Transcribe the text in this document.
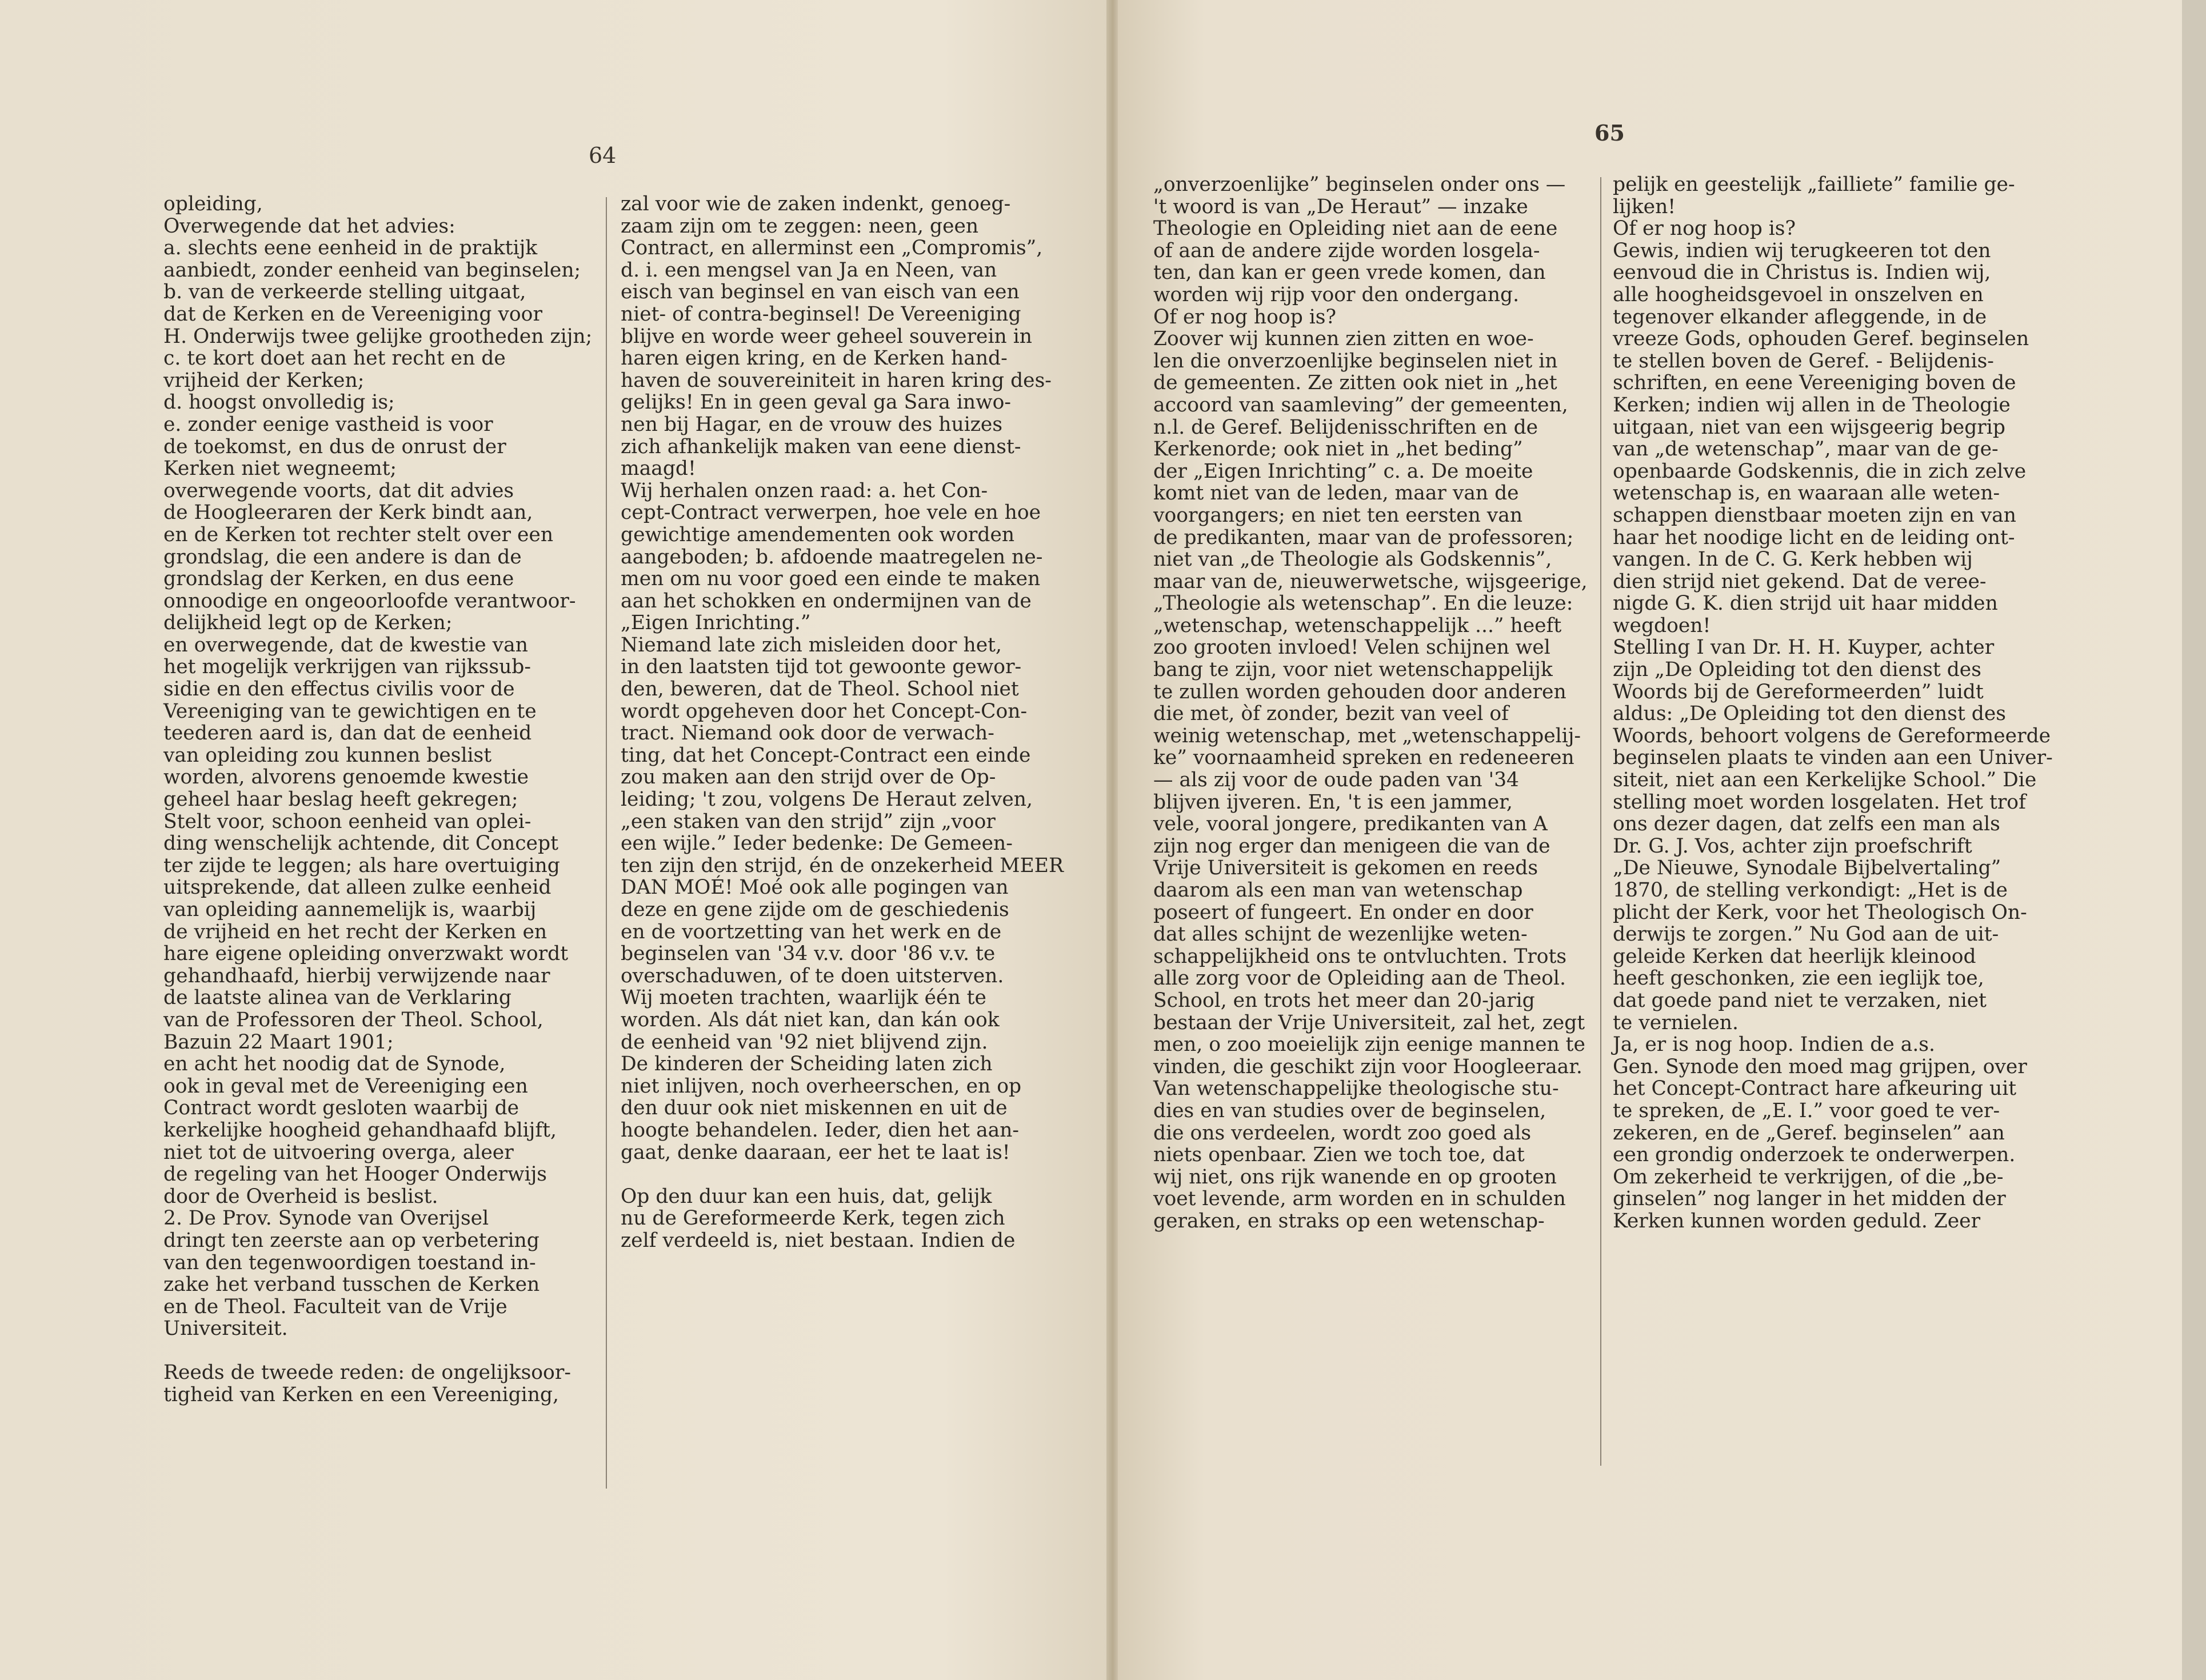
64
opleiding,
Overwegende dat het advies:
a. slechts eene eenheid in de praktijk
aanbiedt, zonder eenheid van beginselen;
b. van de verkeerde stelling uitgaat,
dat de Kerken en de Vereeniging voor
H. Onderwijs twee gelijke grootheden zijn;
c. te kort doet aan het recht en de
vrijheid der Kerken;
d. hoogst onvolledig is;
e. zonder eenige vastheid is voor
de toekomst, en dus de onrust der
Kerken niet wegneemt;
overwegende voorts, dat dit advies
de Hoogleeraren der Kerk bindt aan,
en de Kerken tot rechter stelt over een
grondslag, die een andere is dan de
grondslag der Kerken, en dus eene
onnoodige en ongeoorloofde verantwoor-
delijkheid legt op de Kerken;
en overwegende, dat de kwestie van
het mogelijk verkrijgen van rijkssub-
sidie en den effectus civilis voor de
Vereeniging van te gewichtigen en te
teederen aard is, dan dat de eenheid
van opleiding zou kunnen beslist
worden, alvorens genoemde kwestie
geheel haar beslag heeft gekregen;
Stelt voor, schoon eenheid van oplei-
ding wenschelijk achtende, dit Concept
ter zijde te leggen; als hare overtuiging
uitsprekende, dat alleen zulke eenheid
van opleiding aannemelijk is, waarbij
de vrijheid en het recht der Kerken en
hare eigene opleiding onverzwakt wordt
gehandhaafd, hierbij verwijzende naar
de laatste alinea van de Verklaring
van de Professoren der Theol. School,
Bazuin 22 Maart 1901;
en acht het noodig dat de Synode,
ook in geval met de Vereeniging een
Contract wordt gesloten waarbij de
kerkelijke hoogheid gehandhaafd blijft,
niet tot de uitvoering overga, aleer
de regeling van het Hooger Onderwijs
door de Overheid is beslist.
2. De Prov. Synode van Overijsel
dringt ten zeerste aan op verbetering
van den tegenwoordigen toestand in-
zake het verband tusschen de Kerken
en de Theol. Faculteit van de Vrije
Universiteit.

Reeds de tweede reden: de ongelijksoor-
tigheid van Kerken en een Vereeniging,
zal voor wie de zaken indenkt, genoeg-
zaam zijn om te zeggen: neen, geen
Contract, en allerminst een „Compromis”,
d. i. een mengsel van Ja en Neen, van
eisch van beginsel en van eisch van een
niet- of contra-beginsel! De Vereeniging
blijve en worde weer geheel souverein in
haren eigen kring, en de Kerken hand-
haven de souvereiniteit in haren kring des-
gelijks! En in geen geval ga Sara inwo-
nen bij Hagar, en de vrouw des huizes
zich afhankelijk maken van eene dienst-
maagd!
Wij herhalen onzen raad: a. het Con-
cept-Contract verwerpen, hoe vele en hoe
gewichtige amendementen ook worden
aangeboden; b. afdoende maatregelen ne-
men om nu voor goed een einde te maken
aan het schokken en ondermijnen van de
„Eigen Inrichting.”
Niemand late zich misleiden door het,
in den laatsten tijd tot gewoonte gewor-
den, beweren, dat de Theol. School niet
wordt opgeheven door het Concept-Con-
tract. Niemand ook door de verwach-
ting, dat het Concept-Contract een einde
zou maken aan den strijd over de Op-
leiding; 't zou, volgens De Heraut zelven,
„een staken van den strijd” zijn „voor
een wijle.” Ieder bedenke: De Gemeen-
ten zijn den strijd, én de onzekerheid MEER
DAN MOÉ! Moé ook alle pogingen van
deze en gene zijde om de geschiedenis
en de voortzetting van het werk en de
beginselen van '34 v.v. door '86 v.v. te
overschaduwen, of te doen uitsterven.
Wij moeten trachten, waarlijk één te
worden. Als dát niet kan, dan kán ook
de eenheid van '92 niet blijvend zijn.
De kinderen der Scheiding laten zich
niet inlijven, noch overheerschen, en op
den duur ook niet miskennen en uit de
hoogte behandelen. Ieder, dien het aan-
gaat, denke daaraan, eer het te laat is!

Op den duur kan een huis, dat, gelijk
nu de Gereformeerde Kerk, tegen zich
zelf verdeeld is, niet bestaan. Indien de
65
„onverzoenlijke” beginselen onder ons —
't woord is van „De Heraut” — inzake
Theologie en Opleiding niet aan de eene
of aan de andere zijde worden losgela-
ten, dan kan er geen vrede komen, dan
worden wij rijp voor den ondergang.
Of er nog hoop is?
Zoover wij kunnen zien zitten en woe-
len die onverzoenlijke beginselen niet in
de gemeenten. Ze zitten ook niet in „het
accoord van saamleving” der gemeenten,
n.l. de Geref. Belijdenisschriften en de
Kerkenorde; ook niet in „het beding”
der „Eigen Inrichting” c. a. De moeite
komt niet van de leden, maar van de
voorgangers; en niet ten eersten van
de predikanten, maar van de professoren;
niet van „de Theologie als Godskennis”,
maar van de, nieuwerwetsche, wijsgeerige,
„Theologie als wetenschap”. En die leuze:
„wetenschap, wetenschappelijk ...” heeft
zoo grooten invloed! Velen schijnen wel
bang te zijn, voor niet wetenschappelijk
te zullen worden gehouden door anderen
die met, òf zonder, bezit van veel of
weinig wetenschap, met „wetenschappelij-
ke” voornaamheid spreken en redeneeren
— als zij voor de oude paden van '34
blijven ijveren. En, 't is een jammer,
vele, vooral jongere, predikanten van A
zijn nog erger dan menigeen die van de
Vrije Universiteit is gekomen en reeds
daarom als een man van wetenschap
poseert of fungeert. En onder en door
dat alles schijnt de wezenlijke weten-
schappelijkheid ons te ontvluchten. Trots
alle zorg voor de Opleiding aan de Theol.
School, en trots het meer dan 20-jarig
bestaan der Vrije Universiteit, zal het, zegt
men, o zoo moeielijk zijn eenige mannen te
vinden, die geschikt zijn voor Hoogleeraar.
Van wetenschappelijke theologische stu-
dies en van studies over de beginselen,
die ons verdeelen, wordt zoo goed als
niets openbaar. Zien we toch toe, dat
wij niet, ons rijk wanende en op grooten
voet levende, arm worden en in schulden
geraken, en straks op een wetenschap-
pelijk en geestelijk „failliete” familie ge-
lijken!
Of er nog hoop is?
Gewis, indien wij terugkeeren tot den
eenvoud die in Christus is. Indien wij,
alle hoogheidsgevoel in onszelven en
tegenover elkander afleggende, in de
vreeze Gods, ophouden Geref. beginselen
te stellen boven de Geref. - Belijdenis-
schriften, en eene Vereeniging boven de
Kerken; indien wij allen in de Theologie
uitgaan, niet van een wijsgeerig begrip
van „de wetenschap”, maar van de ge-
openbaarde Godskennis, die in zich zelve
wetenschap is, en waaraan alle weten-
schappen dienstbaar moeten zijn en van
haar het noodige licht en de leiding ont-
vangen. In de C. G. Kerk hebben wij
dien strijd niet gekend. Dat de veree-
nigde G. K. dien strijd uit haar midden
wegdoen!
Stelling I van Dr. H. H. Kuyper, achter
zijn „De Opleiding tot den dienst des
Woords bij de Gereformeerden” luidt
aldus: „De Opleiding tot den dienst des
Woords, behoort volgens de Gereformeerde
beginselen plaats te vinden aan een Univer-
siteit, niet aan een Kerkelijke School.” Die
stelling moet worden losgelaten. Het trof
ons dezer dagen, dat zelfs een man als
Dr. G. J. Vos, achter zijn proefschrift
„De Nieuwe, Synodale Bijbelvertaling”
1870, de stelling verkondigt: „Het is de
plicht der Kerk, voor het Theologisch On-
derwijs te zorgen.” Nu God aan de uit-
geleide Kerken dat heerlijk kleinood
heeft geschonken, zie een ieglijk toe,
dat goede pand niet te verzaken, niet
te vernielen.
Ja, er is nog hoop. Indien de a.s.
Gen. Synode den moed mag grijpen, over
het Concept-Contract hare afkeuring uit
te spreken, de „E. I.” voor goed te ver-
zekeren, en de „Geref. beginselen” aan
een grondig onderzoek te onderwerpen.
Om zekerheid te verkrijgen, of die „be-
ginselen” nog langer in het midden der
Kerken kunnen worden geduld. Zeer
